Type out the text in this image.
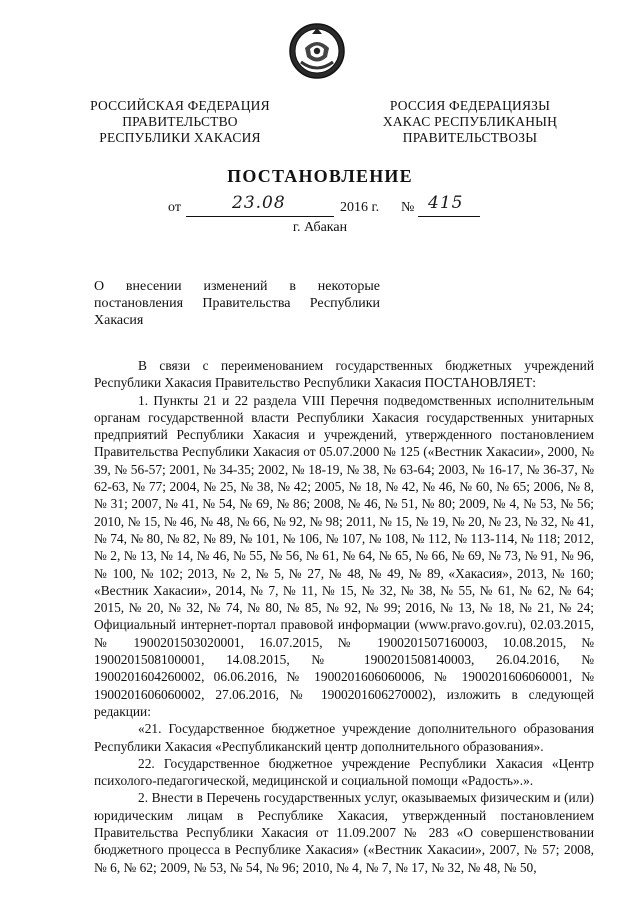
РОССИЙСКАЯ ФЕДЕРАЦИЯ
ПРАВИТЕЛЬСТВО
РЕСПУБЛИКИ ХАКАСИЯ
РОССИЯ ФЕДЕРАЦИЯЗЫ
ХАКАС РЕСПУБЛИКАНЫҢ
ПРАВИТЕЛЬСТВОЗЫ
ПОСТАНОВЛЕНИЕ
от	23.08	2016 г. № 415
г. Абакан
О внесении изменений в некоторые
постановления Правительства Республики
Хакасия

В связи с переименованием государственных бюджетных учреждений Республики Хакасия Правительство Республики Хакасия ПОСТАНОВЛЯЕТ:

1. Пункты 21 и 22 раздела VIII Перечня подведомственных исполнительным органам государственной власти Республики Хакасия государственных унитарных предприятий Республики Хакасия и учреждений, утвержденного постановлением Правительства Республики Хакасия от 05.07.2000 № 125 («Вестник Хакасии», 2000, № 39, № 56-57; 2001, № 34-35; 2002, № 18-19, № 38, № 63-64; 2003, № 16-17, № 36-37, № 62-63, № 77; 2004, № 25, № 38, № 42; 2005, № 18, № 42, № 46, № 60, № 65; 2006, № 8, № 31; 2007, № 41, № 54, № 69, № 86; 2008, № 46, № 51, № 80; 2009, № 4, № 53, № 56; 2010, № 15, № 46, № 48, № 66, № 92, № 98; 2011, № 15, № 19, № 20, № 23, № 32, № 41, № 74, № 80, № 82, № 89, № 101, № 106, № 107, № 108, № 112, № 113-114, № 118; 2012, № 2, № 13, № 14, № 46, № 55, № 56, № 61, № 64, № 65, № 66, № 69, № 73, № 91, № 96, № 100, № 102; 2013, № 2, № 5, № 27, № 48, № 49, № 89, «Хакасия», 2013, № 160; «Вестник Хакасии», 2014, № 7, № 11, № 15, № 32, № 38, № 55, № 61, № 62, № 64; 2015, № 20, № 32, № 74, № 80, № 85, № 92, № 99; 2016, № 13, № 18, № 21, № 24; Официальный интернет-портал правовой информации (www.pravo.gov.ru), 02.03.2015, № 1900201503020001, 16.07.2015, № 1900201507160003, 10.08.2015, № 1900201508100001, 14.08.2015, № 1900201508140003, 26.04.2016, № 1900201604260002, 06.06.2016, № 1900201606060006, № 1900201606060001, № 1900201606060002, 27.06.2016, № 1900201606270002), изложить в следующей редакции:

«21. Государственное бюджетное учреждение дополнительного образования Республики Хакасия «Республиканский центр дополнительного образования».

22. Государственное бюджетное учреждение Республики Хакасия «Центр психолого-педагогической, медицинской и социальной помощи «Радость».».

2. Внести в Перечень государственных услуг, оказываемых физическим и (или) юридическим лицам в Республике Хакасия, утвержденный постановлением Правительства Республики Хакасия от 11.09.2007 № 283 «О совершенствовании бюджетного процесса в Республике Хакасия» («Вестник Хакасии», 2007, № 57; 2008, № 6, № 62; 2009, № 53, № 54, № 96; 2010, № 4, № 7, № 17, № 32, № 48, № 50,
